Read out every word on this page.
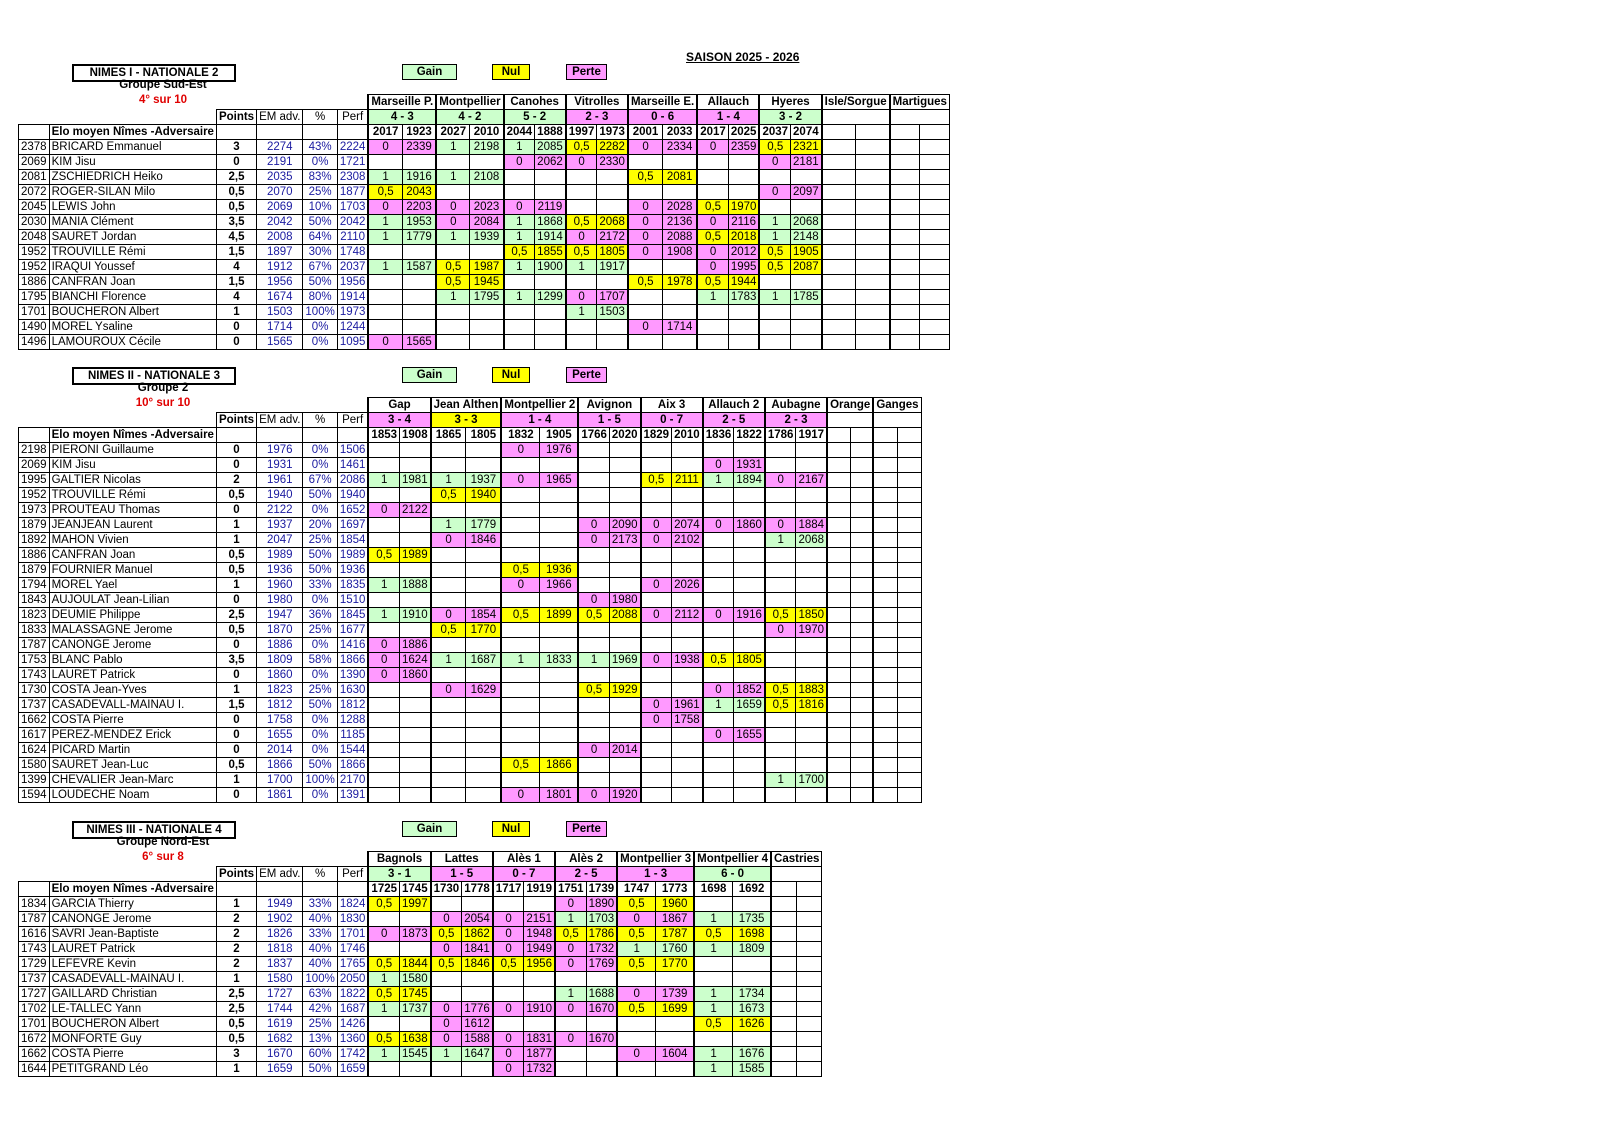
SAISON 2025 - 2026
NIMES I - NATIONALE 2	Gain	Nul	Perte
Groupe Sud-Est
4° sur 10
							Marseille P.		Montpellier		Canohes		Vitrolles		Marseille E.		Allauch		Hyeres		Isle/Sorgue		Martigues	
		Points	EM adv.	%	Perf	4 - 3		4 - 2		5 - 2		2 - 3		0 - 6		1 - 4		3 - 2					
	Elo moyen Nîmes -Adversaire					2017	1923	2027	2010	2044	1888	1997	1973	2001	2033	2017	2025	2037	2074				
2378	BRICARD Emmanuel	3	2274	43%	2224	0	2339	1	2198	1	2085	0,5	2282	0	2334	0	2359	0,5	2321				
2069	KIM Jisu	0	2191	0%	1721					0	2062	0	2330					0	2181				
2081	ZSCHIEDRICH Heiko	2,5	2035	83%	2308	1	1916	1	2108					0,5	2081								
2072	ROGER-SILAN Milo	0,5	2070	25%	1877	0,5	2043											0	2097				
2045	LEWIS John	0,5	2069	10%	1703	0	2203	0	2023	0	2119			0	2028	0,5	1970						
2030	MANIA Clément	3,5	2042	50%	2042	1	1953	0	2084	1	1868	0,5	2068	0	2136	0	2116	1	2068				
2048	SAURET Jordan	4,5	2008	64%	2110	1	1779	1	1939	1	1914	0	2172	0	2088	0,5	2018	1	2148				
1952	TROUVILLE Rémi	1,5	1897	30%	1748					0,5	1855	0,5	1805	0	1908	0	2012	0,5	1905				
1952	IRAQUI Youssef	4	1912	67%	2037	1	1587	0,5	1987	1	1900	1	1917			0	1995	0,5	2087				
1886	CANFRAN Joan	1,5	1956	50%	1956			0,5	1945					0,5	1978	0,5	1944						
1795	BIANCHI Florence	4	1674	80%	1914			1	1795	1	1299	0	1707			1	1783	1	1785				
1701	BOUCHERON Albert	1	1503	100%	1973							1	1503										
1490	MOREL Ysaline	0	1714	0%	1244									0	1714								
1496	LAMOUROUX Cécile	0	1565	0%	1095	0	1565																
NIMES II - NATIONALE 3	Gain	Nul	Perte
Groupe 2
10° sur 10
							Gap		Jean Althen		Montpellier 2		Avignon		Aix 3		Allauch 2		Aubagne		Orange		Ganges	
		Points	EM adv.	%	Perf	3 - 4		3 - 3		1 - 4		1 - 5		0 - 7		2 - 5		2 - 3					
	Elo moyen Nîmes -Adversaire					1853	1908	1865	1805	1832	1905	1766	2020	1829	2010	1836	1822	1786	1917				
2198	PIERONI Guillaume	0	1976	0%	1506					0	1976												
2069	KIM Jisu	0	1931	0%	1461											0	1931						
1995	GALTIER Nicolas	2	1961	67%	2086	1	1981	1	1937	0	1965			0,5	2111	1	1894	0	2167				
1952	TROUVILLE Rémi	0,5	1940	50%	1940			0,5	1940														
1973	PROUTEAU Thomas	0	2122	0%	1652	0	2122																
1879	JEANJEAN Laurent	1	1937	20%	1697			1	1779			0	2090	0	2074	0	1860	0	1884				
1892	MAHON Vivien	1	2047	25%	1854			0	1846			0	2173	0	2102			1	2068				
1886	CANFRAN Joan	0,5	1989	50%	1989	0,5	1989																
1879	FOURNIER Manuel	0,5	1936	50%	1936					0,5	1936												
1794	MOREL Yael	1	1960	33%	1835	1	1888			0	1966			0	2026								
1843	AUJOULAT Jean-Lilian	0	1980	0%	1510							0	1980										
1823	DEUMIE Philippe	2,5	1947	36%	1845	1	1910	0	1854	0,5	1899	0,5	2088	0	2112	0	1916	0,5	1850				
1833	MALASSAGNE Jerome	0,5	1870	25%	1677			0,5	1770									0	1970				
1787	CANONGE Jerome	0	1886	0%	1416	0	1886																
1753	BLANC Pablo	3,5	1809	58%	1866	0	1624	1	1687	1	1833	1	1969	0	1938	0,5	1805						
1743	LAURET Patrick	0	1860	0%	1390	0	1860																
1730	COSTA Jean-Yves	1	1823	25%	1630			0	1629			0,5	1929			0	1852	0,5	1883				
1737	CASADEVALL-MAINAU I.	1,5	1812	50%	1812									0	1961	1	1659	0,5	1816				
1662	COSTA Pierre	0	1758	0%	1288									0	1758								
1617	PEREZ-MENDEZ Erick	0	1655	0%	1185											0	1655						
1624	PICARD Martin	0	2014	0%	1544							0	2014										
1580	SAURET Jean-Luc	0,5	1866	50%	1866					0,5	1866												
1399	CHEVALIER Jean-Marc	1	1700	100%	2170													1	1700				
1594	LOUDECHE Noam	0	1861	0%	1391					0	1801	0	1920										
NIMES III - NATIONALE 4	Gain	Nul	Perte
Groupe Nord-Est
6° sur 8
							Bagnols		Lattes		Alès 1		Alès 2		Montpellier 3		Montpellier 4		Castries	
		Points	EM adv.	%	Perf	3 - 1		1 - 5		0 - 7		2 - 5		1 - 3		6 - 0			
	Elo moyen Nîmes -Adversaire					1725	1745	1730	1778	1717	1919	1751	1739	1747	1773	1698	1692		
1834	GARCIA Thierry	1	1949	33%	1824	0,5	1997					0	1890	0,5	1960				
1787	CANONGE Jerome	2	1902	40%	1830			0	2054	0	2151	1	1703	0	1867	1	1735		
1616	SAVRI Jean-Baptiste	2	1826	33%	1701	0	1873	0,5	1862	0	1948	0,5	1786	0,5	1787	0,5	1698		
1743	LAURET Patrick	2	1818	40%	1746			0	1841	0	1949	0	1732	1	1760	1	1809		
1729	LEFEVRE Kevin	2	1837	40%	1765	0,5	1844	0,5	1846	0,5	1956	0	1769	0,5	1770				
1737	CASADEVALL-MAINAU I.	1	1580	100%	2050	1	1580												
1727	GAILLARD Christian	2,5	1727	63%	1822	0,5	1745					1	1688	0	1739	1	1734		
1702	LE-TALLEC Yann	2,5	1744	42%	1687	1	1737	0	1776	0	1910	0	1670	0,5	1699	1	1673		
1701	BOUCHERON Albert	0,5	1619	25%	1426			0	1612							0,5	1626		
1672	MONFORTE Guy	0,5	1682	13%	1360	0,5	1638	0	1588	0	1831	0	1670						
1662	COSTA Pierre	3	1670	60%	1742	1	1545	1	1647	0	1877			0	1604	1	1676		
1644	PETITGRAND Léo	1	1659	50%	1659					0	1732					1	1585		
